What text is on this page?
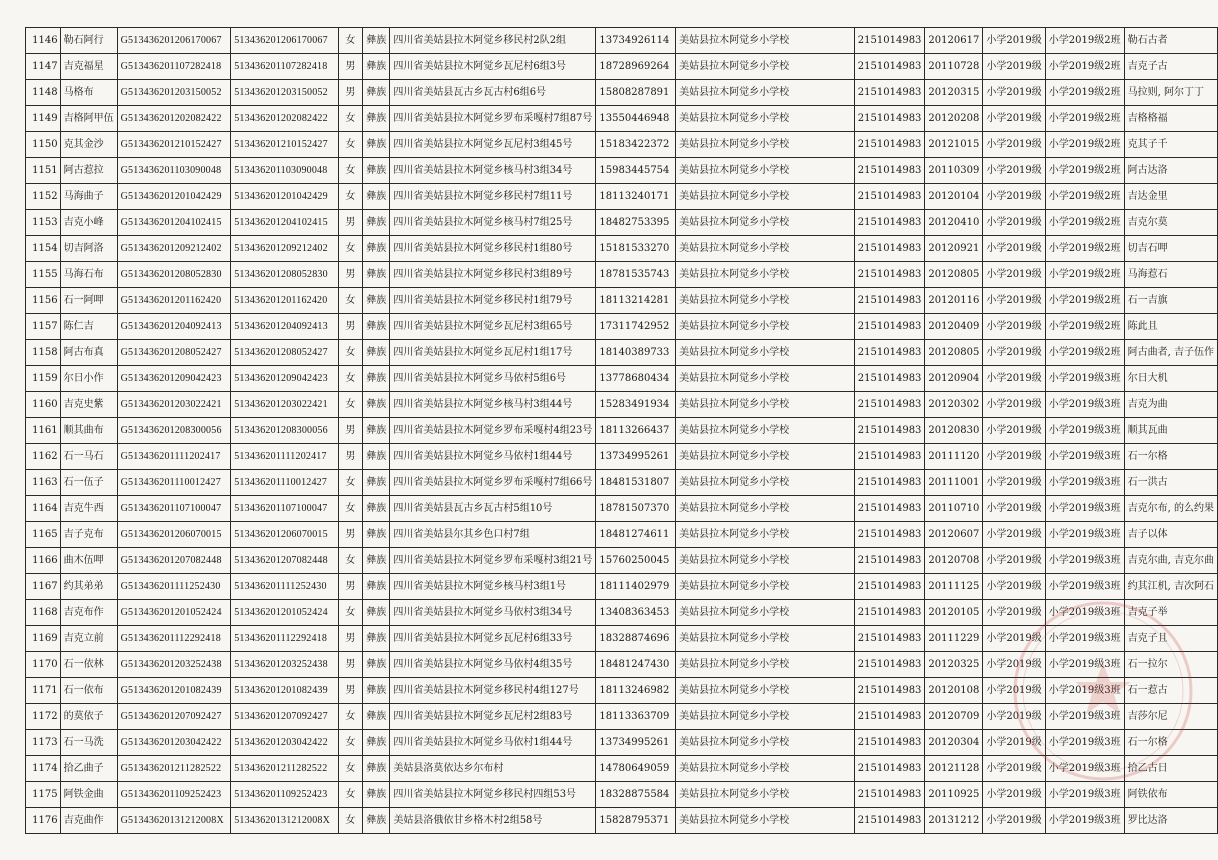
1146	勒石阿行	G513436201206170067	513436201206170067	女	彝族	四川省美姑县拉木阿觉乡移民村2队2组	13734926114	美姑县拉木阿觉乡小学校	2151014983	20120617	小学2019级	小学2019级2班	勒石古者
1147	吉克福星	G513436201107282418	513436201107282418	男	彝族	四川省美姑县拉木阿觉乡瓦尼村6组3号	18728969264	美姑县拉木阿觉乡小学校	2151014983	20110728	小学2019级	小学2019级2班	吉克子古
1148	马格布	G513436201203150052	513436201203150052	男	彝族	四川省美姑县瓦古乡瓦古村6组6号	15808287891	美姑县拉木阿觉乡小学校	2151014983	20120315	小学2019级	小学2019级2班	马拉则, 阿尔丁丁
1149	吉格阿甲伍	G513436201202082422	513436201202082422	女	彝族	四川省美姑县拉木阿觉乡罗布采嘎村7组87号	13550446948	美姑县拉木阿觉乡小学校	2151014983	20120208	小学2019级	小学2019级2班	吉格格福
1150	克其金沙	G513436201210152427	513436201210152427	女	彝族	四川省美姑县拉木阿觉乡瓦尼村3组45号	15183422372	美姑县拉木阿觉乡小学校	2151014983	20121015	小学2019级	小学2019级2班	克其子千
1151	阿古惹拉	G513436201103090048	513436201103090048	女	彝族	四川省美姑县拉木阿觉乡核马村3组34号	15983445754	美姑县拉木阿觉乡小学校	2151014983	20110309	小学2019级	小学2019级2班	阿古达洛
1152	马海曲子	G513436201201042429	513436201201042429	女	彝族	四川省美姑县拉木阿觉乡移民村7组11号	18113240171	美姑县拉木阿觉乡小学校	2151014983	20120104	小学2019级	小学2019级2班	吉达金里
1153	吉克小峰	G513436201204102415	513436201204102415	男	彝族	四川省美姑县拉木阿觉乡核马村7组25号	18482753395	美姑县拉木阿觉乡小学校	2151014983	20120410	小学2019级	小学2019级2班	吉克尔莫
1154	切吉阿洛	G513436201209212402	513436201209212402	女	彝族	四川省美姑县拉木阿觉乡移民村1组80号	15181533270	美姑县拉木阿觉乡小学校	2151014983	20120921	小学2019级	小学2019级2班	切吉石呷
1155	马海石布	G513436201208052830	513436201208052830	男	彝族	四川省美姑县拉木阿觉乡移民村3组89号	18781535743	美姑县拉木阿觉乡小学校	2151014983	20120805	小学2019级	小学2019级2班	马海惹石
1156	石一阿呷	G513436201201162420	513436201201162420	女	彝族	四川省美姑县拉木阿觉乡移民村1组79号	18113214281	美姑县拉木阿觉乡小学校	2151014983	20120116	小学2019级	小学2019级2班	石一吉旗
1157	陈仁吉	G513436201204092413	513436201204092413	男	彝族	四川省美姑县拉木阿觉乡瓦尼村3组65号	17311742952	美姑县拉木阿觉乡小学校	2151014983	20120409	小学2019级	小学2019级2班	陈此且
1158	阿古布真	G513436201208052427	513436201208052427	女	彝族	四川省美姑县拉木阿觉乡瓦尼村1组17号	18140389733	美姑县拉木阿觉乡小学校	2151014983	20120805	小学2019级	小学2019级2班	阿古曲者, 吉子伍作
1159	尔日小作	G513436201209042423	513436201209042423	女	彝族	四川省美姑县拉木阿觉乡马依村5组6号	13778680434	美姑县拉木阿觉乡小学校	2151014983	20120904	小学2019级	小学2019级3班	尔日大机
1160	吉克史紫	G513436201203022421	513436201203022421	女	彝族	四川省美姑县拉木阿觉乡核马村3组44号	15283491934	美姑县拉木阿觉乡小学校	2151014983	20120302	小学2019级	小学2019级3班	吉克为曲
1161	顺其曲布	G513436201208300056	513436201208300056	男	彝族	四川省美姑县拉木阿觉乡罗布采嘎村4组23号	18113266437	美姑县拉木阿觉乡小学校	2151014983	20120830	小学2019级	小学2019级3班	顺其瓦曲
1162	石一马石	G513436201111202417	513436201111202417	男	彝族	四川省美姑县拉木阿觉乡马依村1组44号	13734995261	美姑县拉木阿觉乡小学校	2151014983	20111120	小学2019级	小学2019级3班	石一尔格
1163	石一伍子	G513436201110012427	513436201110012427	女	彝族	四川省美姑县拉木阿觉乡罗布采嘎村7组66号	18481531807	美姑县拉木阿觉乡小学校	2151014983	20111001	小学2019级	小学2019级3班	石一洪古
1164	吉克牛西	G513436201107100047	513436201107100047	女	彝族	四川省美姑县瓦古乡瓦古村5组10号	18781507370	美姑县拉木阿觉乡小学校	2151014983	20110710	小学2019级	小学2019级3班	吉克尔布, 的么约果
1165	吉子克布	G513436201206070015	513436201206070015	男	彝族	四川省美姑县尔其乡色口村7组	18481274611	美姑县拉木阿觉乡小学校	2151014983	20120607	小学2019级	小学2019级3班	吉子以体
1166	曲木伍呷	G513436201207082448	513436201207082448	女	彝族	四川省美姑县拉木阿觉乡罗布采嘎村3组21号	15760250045	美姑县拉木阿觉乡小学校	2151014983	20120708	小学2019级	小学2019级3班	吉克尔曲, 吉克尔曲
1167	约其弟弟	G513436201111252430	513436201111252430	男	彝族	四川省美姑县拉木阿觉乡核马村3组1号	18111402979	美姑县拉木阿觉乡小学校	2151014983	20111125	小学2019级	小学2019级3班	约其江机, 吉次阿石
1168	吉克布作	G513436201201052424	513436201201052424	女	彝族	四川省美姑县拉木阿觉乡马依村3组34号	13408363453	美姑县拉木阿觉乡小学校	2151014983	20120105	小学2019级	小学2019级3班	吉克子举
1169	吉克立前	G513436201112292418	513436201112292418	男	彝族	四川省美姑县拉木阿觉乡瓦尼村6组33号	18328874696	美姑县拉木阿觉乡小学校	2151014983	20111229	小学2019级	小学2019级3班	吉克子且
1170	石一依林	G513436201203252438	513436201203252438	男	彝族	四川省美姑县拉木阿觉乡马依村4组35号	18481247430	美姑县拉木阿觉乡小学校	2151014983	20120325	小学2019级	小学2019级3班	石一拉尔
1171	石一依布	G513436201201082439	513436201201082439	男	彝族	四川省美姑县拉木阿觉乡移民村4组127号	18113246982	美姑县拉木阿觉乡小学校	2151014983	20120108	小学2019级	小学2019级3班	石一惹古
1172	的莫依子	G513436201207092427	513436201207092427	女	彝族	四川省美姑县拉木阿觉乡瓦尼村2组83号	18113363709	美姑县拉木阿觉乡小学校	2151014983	20120709	小学2019级	小学2019级3班	吉莎尔尼
1173	石一马洗	G513436201203042422	513436201203042422	女	彝族	四川省美姑县拉木阿觉乡马依村1组44号	13734995261	美姑县拉木阿觉乡小学校	2151014983	20120304	小学2019级	小学2019级3班	石一尔格
1174	拾乙曲子	G513436201211282522	513436201211282522	女	彝族	美姑县洛莫依达乡尔布村	14780649059	美姑县拉木阿觉乡小学校	2151014983	20121128	小学2019级	小学2019级3班	拾乙古日
1175	阿铁金曲	G513436201109252423	513436201109252423	女	彝族	四川省美姑县拉木阿觉乡移民村四组53号	18328875584	美姑县拉木阿觉乡小学校	2151014983	20110925	小学2019级	小学2019级3班	阿铁依布
1176	吉克曲作	G51343620131212008X	51343620131212008X	女	彝族	美姑县洛俄依甘乡格木村2组58号	15828795371	美姑县拉木阿觉乡小学校	2151014983	20131212	小学2019级	小学2019级3班	罗比达洛
